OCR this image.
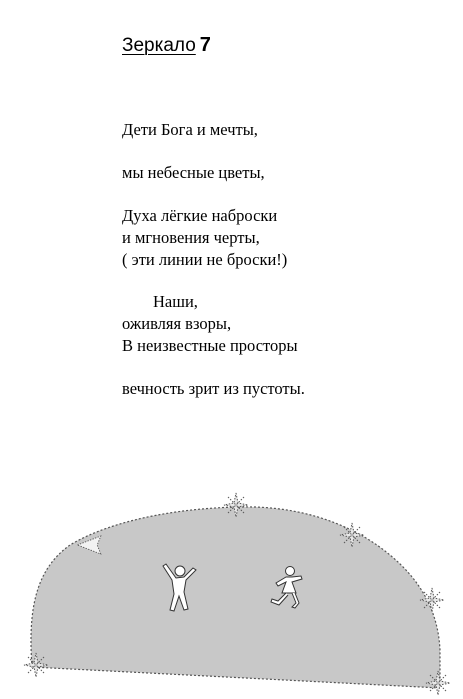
Зеркало 7
Дети Бога и мечты,
мы небесные цветы,
Духа лёгкие наброски
и мгновения черты,
( эти линии не броски!)
Наши,
оживляя взоры,
В неизвестные просторы
вечность зрит из пустоты.
